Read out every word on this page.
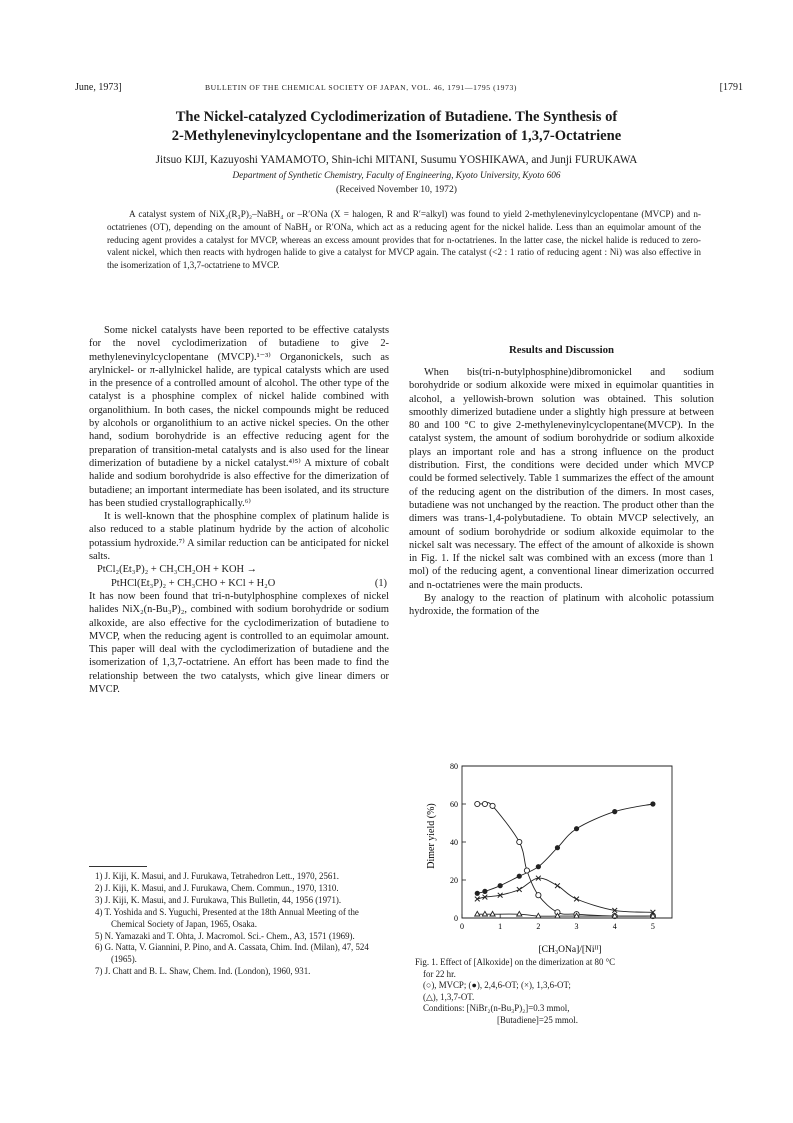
June, 1973]	BULLETIN OF THE CHEMICAL SOCIETY OF JAPAN, VOL. 46, 1791—1795 (1973)	[1791
The Nickel-catalyzed Cyclodimerization of Butadiene. The Synthesis of
2-Methylenevinylcyclopentane and the Isomerization of 1,3,7-Octatriene
Jitsuo KIJI, Kazuyoshi YAMAMOTO, Shin-ichi MITANI, Susumu YOSHIKAWA, and Junji FURUKAWA
Department of Synthetic Chemistry, Faculty of Engineering, Kyoto University, Kyoto 606
(Received November 10, 1972)

A catalyst system of NiX₂(R₃P)₂–NaBH₄ or –R′ONa (X = halogen, R and R′=alkyl) was found to yield 2-methylenevinylcyclopentane (MVCP) and n-octatrienes (OT), depending on the amount of NaBH₄ or R′ONa, which act as a reducing agent for the nickel halide. Less than an equimolar amount of the reducing agent provides a catalyst for MVCP, whereas an excess amount provides that for n-octatrienes. In the latter case, the nickel halide is reduced to zero-valent nickel, which then reacts with hydrogen halide to give a catalyst for MVCP again. The catalyst (<2 : 1 ratio of reducing agent : Ni) was also effective in the isomerization of 1,3,7-octatriene to MVCP.

Some nickel catalysts have been reported to be effective catalysts for the novel cyclodimerization of butadiene to give 2-methylenevinylcyclopentane (MVCP).¹⁻³⁾ Organonickels, such as arylnickel- or π-allylnickel halide, are typical catalysts which are used in the presence of a controlled amount of alcohol. The other type of the catalyst is a phosphine complex of nickel halide combined with organolithium. In both cases, the nickel compounds might be reduced by alcohols or organolithium to an active nickel species. On the other hand, sodium borohydride is an effective reducing agent for the preparation of transition-metal catalysts and is also used for the linear dimerization of butadiene by a nickel catalyst.⁴⁾⁵⁾ A mixture of cobalt halide and sodium borohydride is also effective for the dimerization of butadiene; an important intermediate has been isolated, and its structure has been studied crystallographically.⁶⁾

It is well-known that the phosphine complex of platinum halide is also reduced to a stable platinum hydride by the action of alcoholic potassium hydroxide.⁷⁾ A similar reduction can be anticipated for nickel salts.

PtCl₂(Et₃P)₂ + CH₃CH₂OH + KOH →
PtHCl(Et₃P)₂ + CH₃CHO + KCl + H₂O	(1)

It has now been found that tri-n-butylphosphine complexes of nickel halides NiX₂(n-Bu₃P)₂, combined with sodium borohydride or sodium alkoxide, are also effective for the cyclodimerization of butadiene to MVCP, when the reducing agent is controlled to an equimolar amount. This paper will deal with the cyclodimerization of butadiene and the isomerization of 1,3,7-octatriene. An effort has been made to find the relationship between the two catalysts, which give linear dimers or MVCP.

1) J. Kiji, K. Masui, and J. Furukawa, Tetrahedron Lett., 1970, 2561.

2) J. Kiji, K. Masui, and J. Furukawa, Chem. Commun., 1970, 1310.

3) J. Kiji, K. Masui, and J. Furukawa, This Bulletin, 44, 1956 (1971).

4) T. Yoshida and S. Yuguchi, Presented at the 18th Annual Meeting of the Chemical Society of Japan, 1965, Osaka.

5) N. Yamazaki and T. Ohta, J. Macromol. Sci.- Chem., A3, 1571 (1969).

6) G. Natta, V. Giannini, P. Pino, and A. Cassata, Chim. Ind. (Milan), 47, 524 (1965).

7) J. Chatt and B. L. Shaw, Chem. Ind. (London), 1960, 931.

Results and Discussion

When bis(tri-n-butylphosphine)dibromonickel and sodium borohydride or sodium alkoxide were mixed in equimolar quantities in alcohol, a yellowish-brown solution was obtained. This solution smoothly dimerized butadiene under a slightly high pressure at between 80 and 100 °C to give 2-methylenevinylcyclopentane(MVCP). In the catalyst system, the amount of sodium borohydride or sodium alkoxide plays an important role and has a strong influence on the product distribution. First, the conditions were decided under which MVCP could be formed selectively. Table 1 summarizes the effect of the amount of the reducing agent on the distribution of the dimers. In most cases, butadiene was not unchanged by the reaction. The product other than the dimers was trans-1,4-polybutadiene. To obtain MVCP selectively, an amount of sodium borohydride or sodium alkoxide equimolar to the nickel salt was necessary. The effect of the amount of alkoxide is shown in Fig. 1. If the nickel salt was combined with an excess (more than 1 mol) of the reducing agent, a conventional linear dimerization occurred and n-octatrienes were the main products.

By analogy to the reaction of platinum with alcoholic potassium hydroxide, the formation of the

0
20
40
60
80
0	1	2	3	4	5
Dimer yield (%)
[CH₃ONa]/[Niᴵᴵ]

Fig. 1. Effect of [Alkoxide] on the dimerization at 80 °C

for 22 hr.

(○), MVCP; (●), 2,4,6-OT; (×), 1,3,6-OT;

(△), 1,3,7-OT.

Conditions: [NiBr₂(n-Bu₃P)₂]=0.3 mmol,

[Butadiene]=25 mmol.
